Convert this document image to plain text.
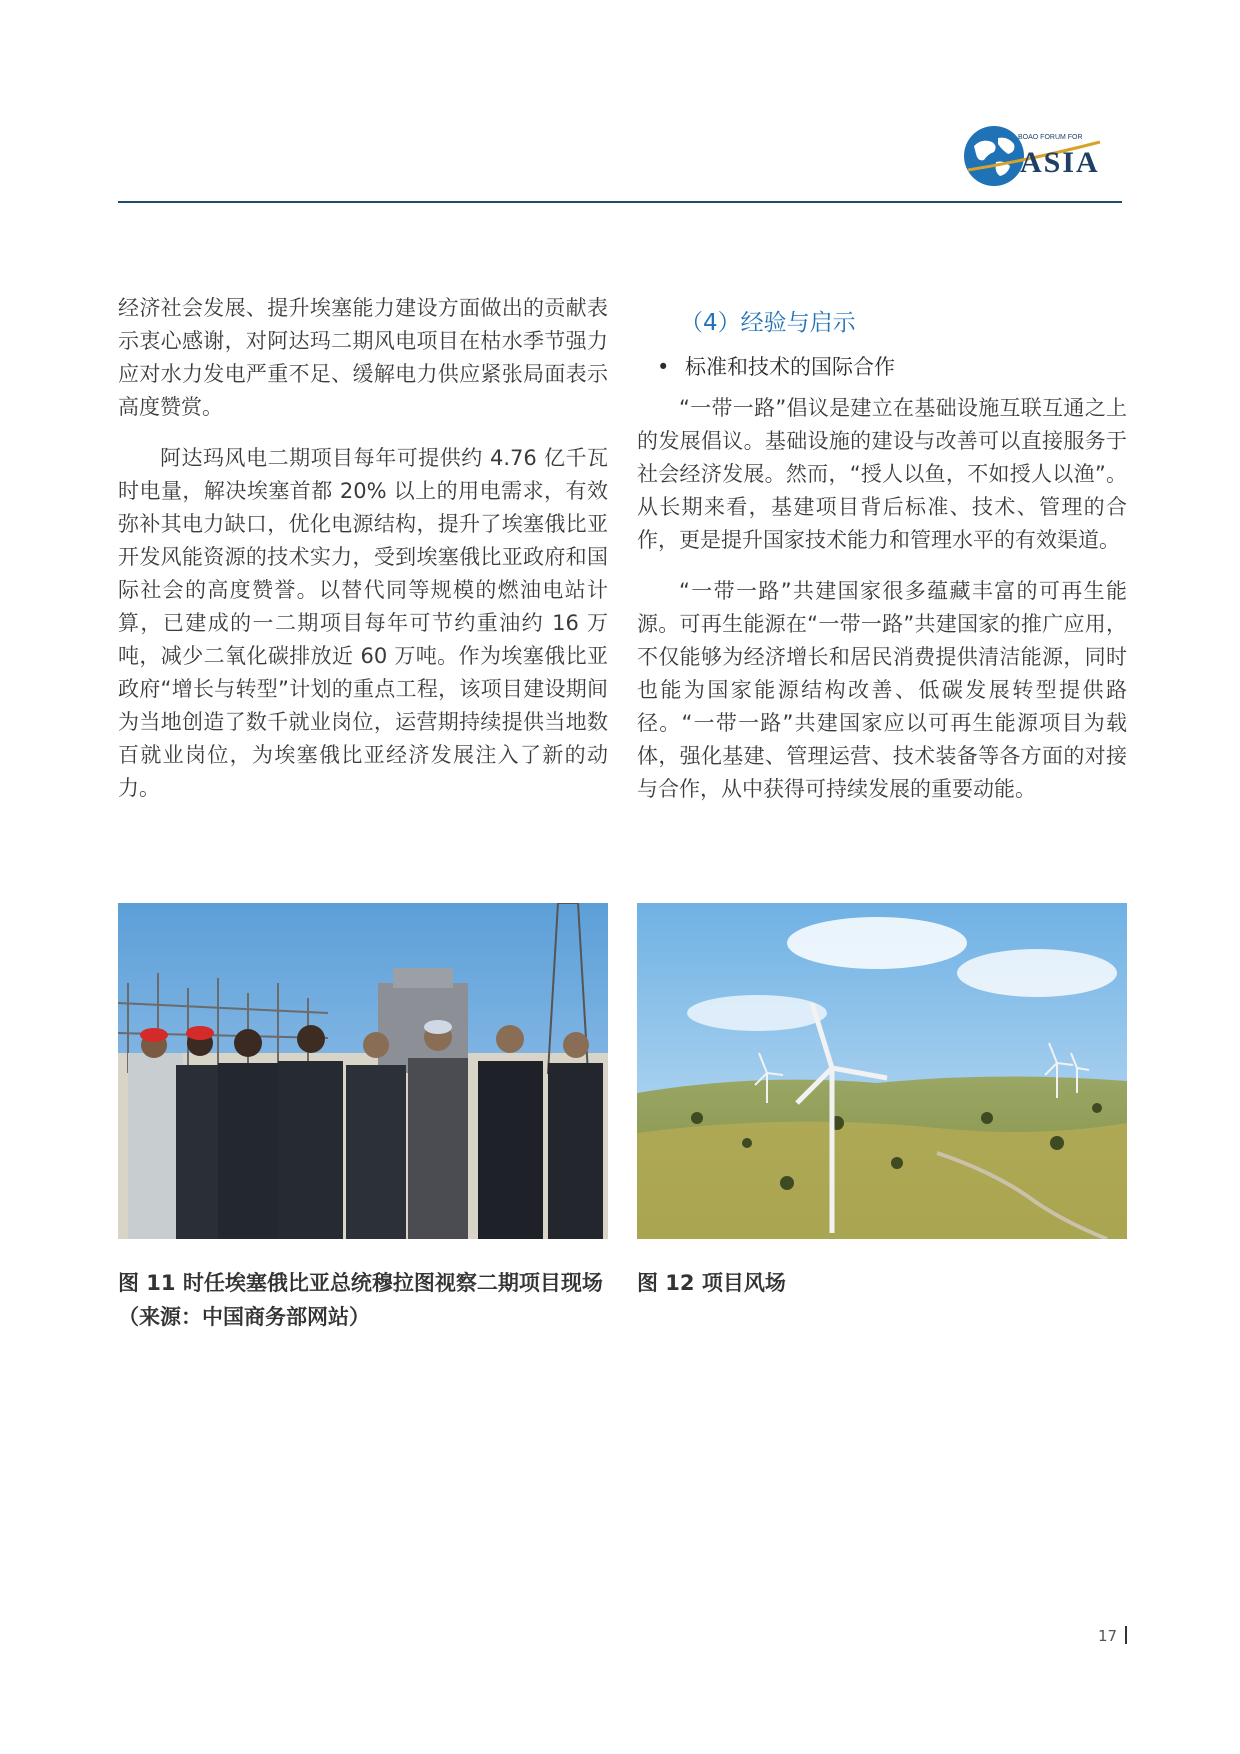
BOAO FORUM FOR
ASIA

经济社会发展、提升埃塞能力建设方面做出的贡献表示衷心感谢，对阿达玛二期风电项目在枯水季节强力应对水力发电严重不足、缓解电力供应紧张局面表示高度赞赏。

阿达玛风电二期项目每年可提供约 4.76 亿千瓦时电量，解决埃塞首都 20% 以上的用电需求，有效弥补其电力缺口，优化电源结构，提升了埃塞俄比亚开发风能资源的技术实力，受到埃塞俄比亚政府和国际社会的高度赞誉。以替代同等规模的燃油电站计算，已建成的一二期项目每年可节约重油约 16 万吨，减少二氧化碳排放近 60 万吨。作为埃塞俄比亚政府“增长与转型”计划的重点工程，该项目建设期间为当地创造了数千就业岗位，运营期持续提供当地数百就业岗位，为埃塞俄比亚经济发展注入了新的动力。

（4）经验与启示
• 标准和技术的国际合作

“一带一路”倡议是建立在基础设施互联互通之上的发展倡议。基础设施的建设与改善可以直接服务于社会经济发展。然而，“授人以鱼，不如授人以渔”。从长期来看，基建项目背后标准、技术、管理的合作，更是提升国家技术能力和管理水平的有效渠道。

“一带一路”共建国家很多蕴藏丰富的可再生能源。可再生能源在“一带一路”共建国家的推广应用，不仅能够为经济增长和居民消费提供清洁能源，同时也能为国家能源结构改善、低碳发展转型提供路径。“一带一路”共建国家应以可再生能源项目为载体，强化基建、管理运营、技术装备等各方面的对接与合作，从中获得可持续发展的重要动能。

图 11 时任埃塞俄比亚总统穆拉图视察二期项目现场（来源：中国商务部网站）
图 12 项目风场
17
